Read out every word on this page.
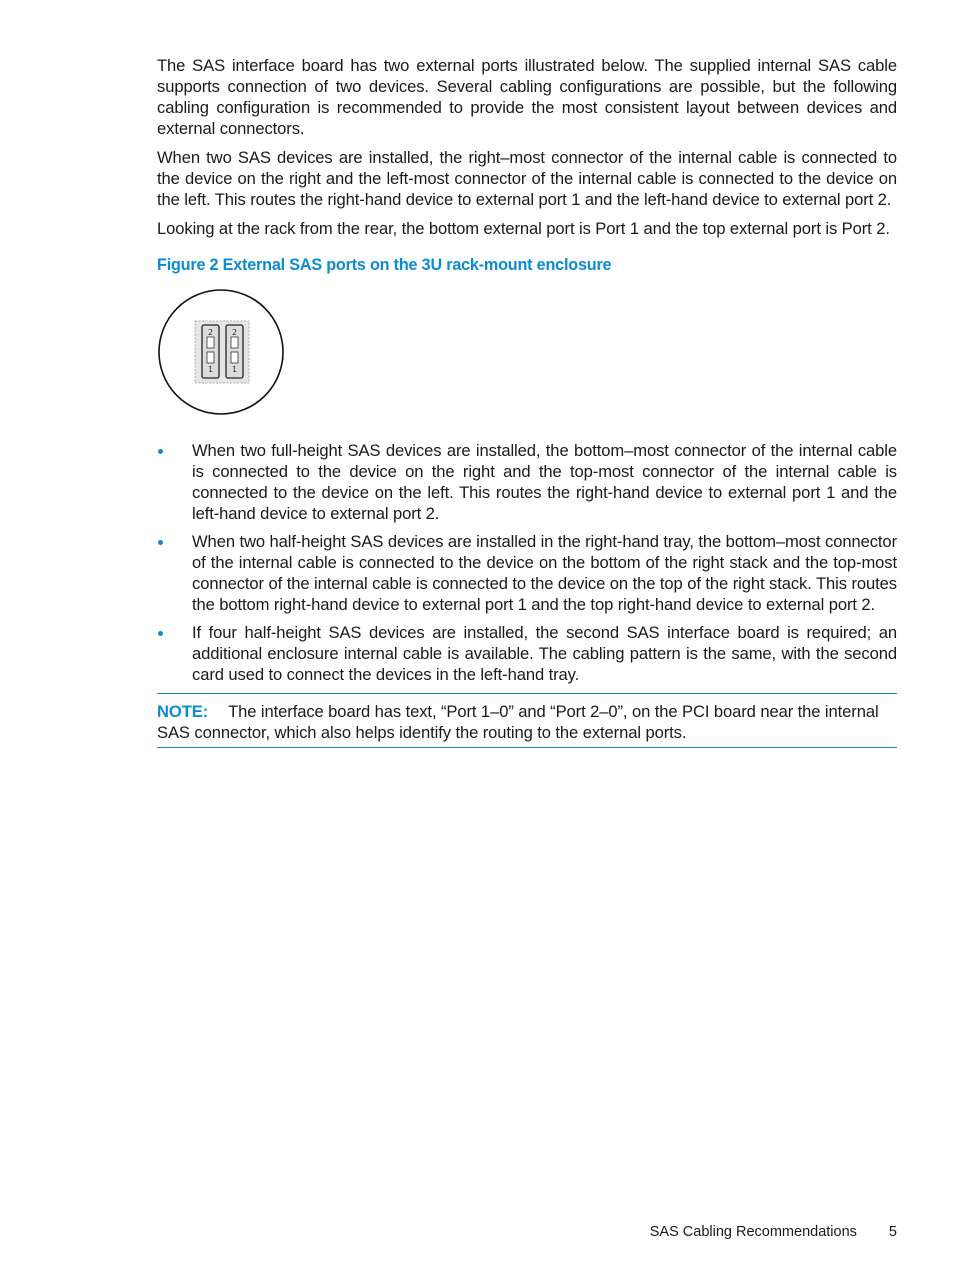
The SAS interface board has two external ports illustrated below. The supplied internal SAS cable supports connection of two devices. Several cabling configurations are possible, but the following cabling configuration is recommended to provide the most consistent layout between devices and external connectors.

When two SAS devices are installed, the right–most connector of the internal cable is connected to the device on the right and the left-most connector of the internal cable is connected to the device on the left. This routes the right-hand device to external port 1 and the left-hand device to external port 2.

Looking at the rack from the rear, the bottom external port is Port 1 and the top external port is Port 2.

Figure 2 External SAS ports on the 3U rack-mount enclosure
2
1
2
1
When two full-height SAS devices are installed, the bottom–most connector of the internal cable is connected to the device on the right and the top-most connector of the internal cable is connected to the device on the left. This routes the right-hand device to external port 1 and the left-hand device to external port 2.
When two half-height SAS devices are installed in the right-hand tray, the bottom–most connector of the internal cable is connected to the device on the bottom of the right stack and the top-most connector of the internal cable is connected to the device on the top of the right stack. This routes the bottom right-hand device to external port 1 and the top right-hand device to external port 2.
If four half-height SAS devices are installed, the second SAS interface board is required; an additional enclosure internal cable is available. The cabling pattern is the same, with the second card used to connect the devices in the left-hand tray.
NOTE: The interface board has text, “Port 1–0” and “Port 2–0”, on the PCI board near the internal SAS connector, which also helps identify the routing to the external ports.
SAS Cabling Recommendations 5
